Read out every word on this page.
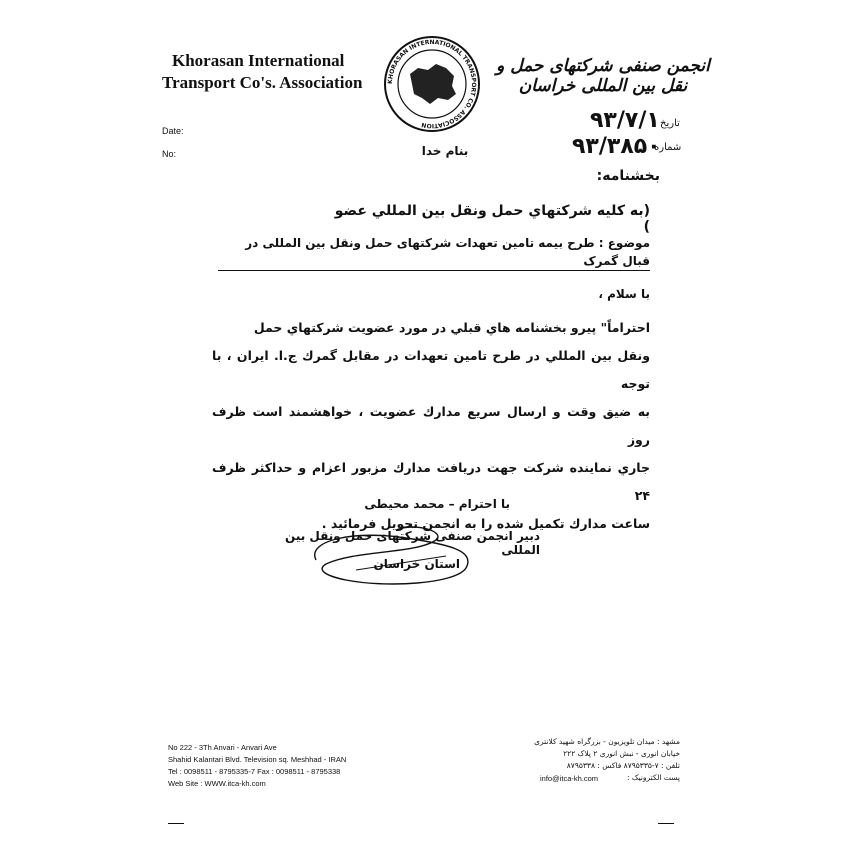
Khorasan International
Transport Co's. Association	KHORASAN INTERNATIONAL TRANSPORT CO. ASSOCIATION
انجمن صنفی شرکتهای حمل و نقل بین المللی خراسان
Date:
No:
تاریخ
شماره
۹۳/۷/۱
۹۳/۳۸۵۰
بنام خدا
بخشنامه:
(به كليه شركتهاي حمل ونقل بين المللي عضو )
موضوع : طرح بیمه تامین تعهدات شرکتهای حمل ونقل بین المللی در قبال گمرک
با سلام ،
احتراماً" پیرو بخشنامه هاي قبلي در مورد عضویت شرکتهاي حمل
ونقل بين المللي در طرح تامین تعهدات در مقابل گمرك ج.ا. ایران ، با توجه
به ضیق وقت و ارسال سریع مدارك عضویت ، خواهشمند است ظرف روز
جاري نماینده شرکت جهت دریافت مدارك مزبور اعزام و حداکثر ظرف ۲۴
ساعت مدارك تكمیل شده را به انجمن تحویل فرمائید .
با احترام – محمد محیطی
دبیر انجمن صنفی شرکتهای حمل ونقل بین المللی
استان خراسان
No 222 - 3Th Anvari - Anvari Ave
Shahid Kalantari Blvd. Television sq. Meshhad - IRAN
Tel : 0098511 - 8795335-7 Fax : 0098511 - 8795338
Web Site : WWW.itca-kh.com
مشهد : میدان تلویزیون - بزرگراه شهید کلانتری
خیابان انوری - نبش انوری ۲ پلاک ۲۲۲
تلفن : ۷-۸۷۹۵۳۳۵ فاکس : ۸۷۹۵۳۳۸
پست الکترونیک :
info@itca-kh.com
